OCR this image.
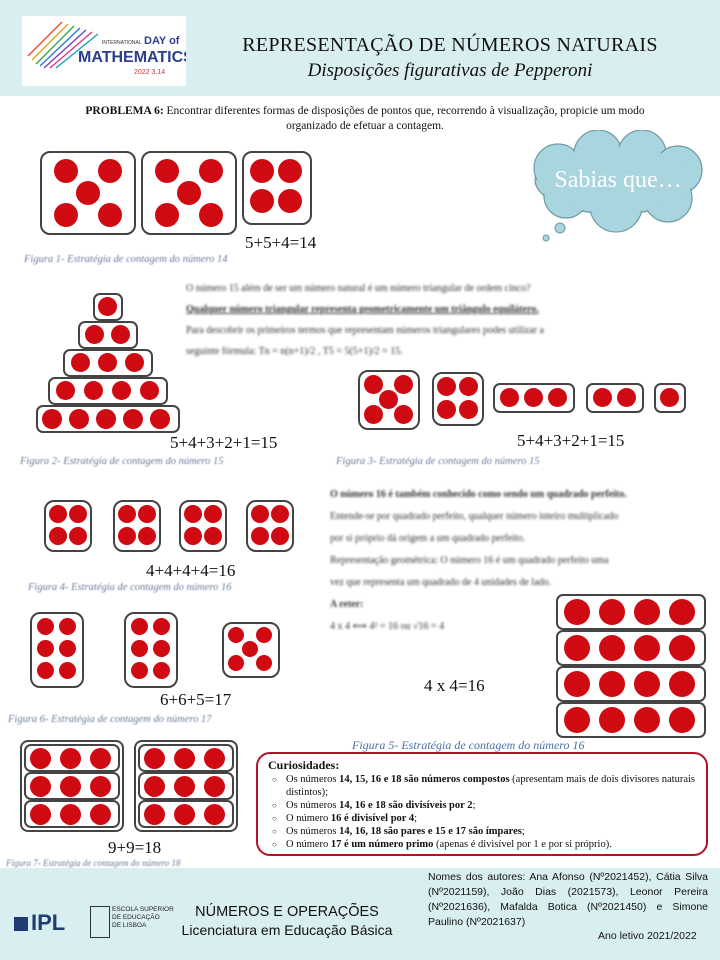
INTERNATIONAL DAY of
MATHEMATICS
2022 3.14
REPRESENTAÇÃO DE NÚMEROS NATURAIS
Disposições figurativas de Pepperoni
PROBLEMA 6: Encontrar diferentes formas de disposições de pontos que, recorrendo à visualização, propicie um modo organizado de efetuar a contagem.
Sabias que…
5+5+4=14
Figura 1- Estratégia de contagem do número 14
5+4+3+2+1=15
Figura 2- Estratégia de contagem do número 15
O número 15 além de ser um número natural é um número triangular de ordem cinco?
Qualquer número triangular representa geometricamente um triângulo equilátero.
Para descobrir os primeiros termos que representam números triangulares podes utilizar a
seguinte fórmula: Tn = n(n+1)/2 , T5 = 5(5+1)/2 = 15.
5+4+3+2+1=15
Figura 3- Estratégia de contagem do número 15
4+4+4+4=16
Figura 4- Estratégia de contagem do número 16
O número 16 é também conhecido como sendo um quadrado perfeito.
Entende-se por quadrado perfeito, qualquer número inteiro multiplicado
por si próprio dá origem a um quadrado perfeito.
Representação geométrica: O número 16 é um quadrado perfeito uma
vez que representa um quadrado de 4 unidades de lado.
A reter:
4 x 4 ⟺ 4² = 16 ou √16 = 4
6+6+5=17
Figura 6- Estratégia de contagem do número 17
4 x 4=16
Figura 5- Estratégia de contagem do número 16
9+9=18
Figura 7- Estratégia de contagem do número 18
Curiosidades:
○ Os números 14, 15, 16 e 18 são números compostos (apresentam mais de dois divisores naturais distintos);
○ Os números 14, 16 e 18 são divisíveis por 2;
○ O número 16 é divisível por 4;
○ Os números 14, 16, 18 são pares e 15 e 17 são ímpares;
○ O número 17 é um número primo (apenas é divisível por 1 e por si próprio).
IPL
ESCOLA SUPERIOR
DE EDUCAÇÃO
DE LISBOA
NÚMEROS E OPERAÇÕES
Licenciatura em Educação Básica
Nomes dos autores: Ana Afonso (Nº2021452), Cátia Silva (Nº2021159), João Dias (2021573), Leonor Pereira (Nº2021636), Mafalda Botica (Nº2021450) e Simone Paulino (Nº2021637)
Ano letivo 2021/2022
